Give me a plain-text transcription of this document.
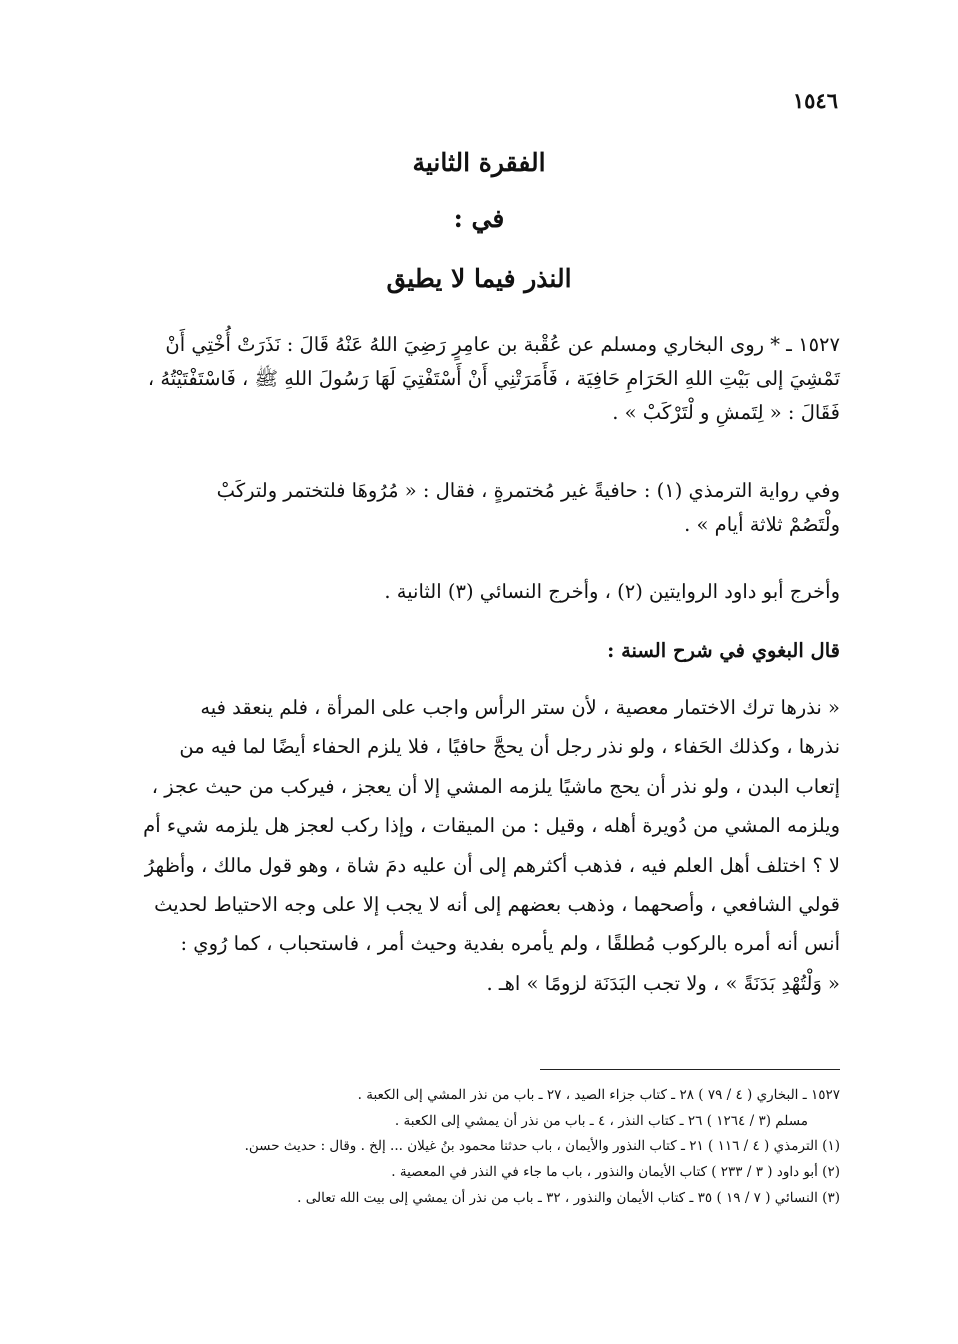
١٥٤٦
الفقرة الثانية
في :
النذر فيما لا يطيق
١٥٢٧ ـ * روى البخاري ومسلم عن عُقْبة بن عامِرٍ رَضِيَ اللهُ عَنْهُ قَالَ : نَذَرَتْ أُخْتِي أَنْ
تَمْشِيَ إلى بَيْتِ اللهِ الحَرَامِ حَافِيَة ، فَأَمَرَتْنِي أَنْ أَسْتَفْتِيَ لَهَا رَسُولَ اللهِ ﷺ ، فَاسْتَفْتَيْتُهُ ،
فَقَالَ : « لِتَمشِ و لْتَرْكَبْ » .
وفي رواية الترمذي (١) : حافيةً غير مُختمرةٍ ، فقال : « مُرُوهَا فلتختمر ولتركَبْ
ولْتَصُمْ ثلاثة أيام » .
وأخرج أبو داود الروايتين (٢) ، وأخرج النسائي (٣) الثانية .
قال البغوي في شرح السنة :
« نذرها ترك الاختمار معصية ، لأن ستر الرأس واجب على المرأة ، فلم ينعقد فيه
نذرها ، وكذلك الحَفاء ، ولو نذر رجل أن يحجَّ حافيًا ، فلا يلزم الحفاء أيضًا لما فيه من
إتعاب البدن ، ولو نذر أن يحج ماشيًا يلزمه المشي إلا أن يعجز ، فيركب من حيث عجز ،
ويلزمه المشي من دُويرة أهله ، وقيل : من الميقات ، وإذا ركب لعجز هل يلزمه شيء أم
لا ؟ اختلف أهل العلم فيه ، فذهب أكثرهم إلى أن عليه دمَ شاة ، وهو قول مالك ، وأظهرُ
قولي الشافعي ، وأصحهما ، وذهب بعضهم إلى أنه لا يجب إلا على وجه الاحتياط لحديث
أنس أنه أمره بالركوب مُطلقًا ، ولم يأمره بفدية وحيث أمر ، فاستحباب ، كما رُوي :
« وَلْتُهْدِ بَدَنَةً » ، ولا تجب البَدَنَة لزومًا » اهـ .
١٥٢٧ ـ البخاري ( ٤ / ٧٩ ) ٢٨ ـ كتاب جزاء الصيد ، ٢٧ ـ باب من نذر المشي إلى الكعبة .
مسلم (٣ / ١٢٦٤ ) ٢٦ ـ كتاب النذر ، ٤ ـ باب من نذر أن يمشي إلى الكعبة .
(١) الترمذي ( ٤ / ١١٦ ) ٢١ ـ كتاب النذور والأيمان ، باب حدثنا محمود بنُ غيلان ... إلخ . وقال : حديث حسن.
(٢) أبو داود ( ٣ / ٢٣٣ ) كتاب الأيمان والنذور ، باب ما جاء في النذر في المعصية .
(٣) النسائي ( ٧ / ١٩ ) ٣٥ ـ كتاب الأيمان والنذور ، ٣٢ ـ باب من نذر أن يمشي إلى بيت الله تعالى .
